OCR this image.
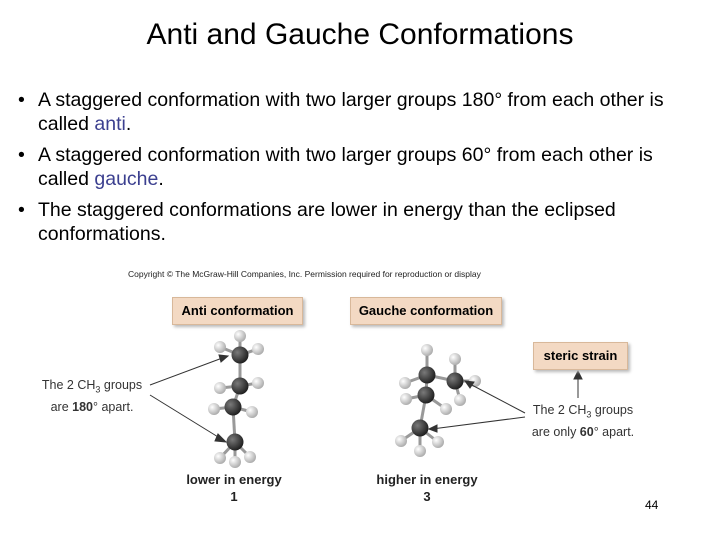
Anti and Gauche Conformations
• A staggered conformation with two larger groups 180° from each other is called anti.
• A staggered conformation with two larger groups 60° from each other is called gauche.
• The staggered conformations are lower in energy than the eclipsed conformations.
Copyright © The McGraw-Hill Companies, Inc. Permission required for reproduction or display
Anti conformation	Gauche conformation
steric strain
The 2 $CH_3$ groups
are 180° apart.	The 2 $CH_3$ groups
are only 60° apart.
lower in energy
1
higher in energy
3
44
